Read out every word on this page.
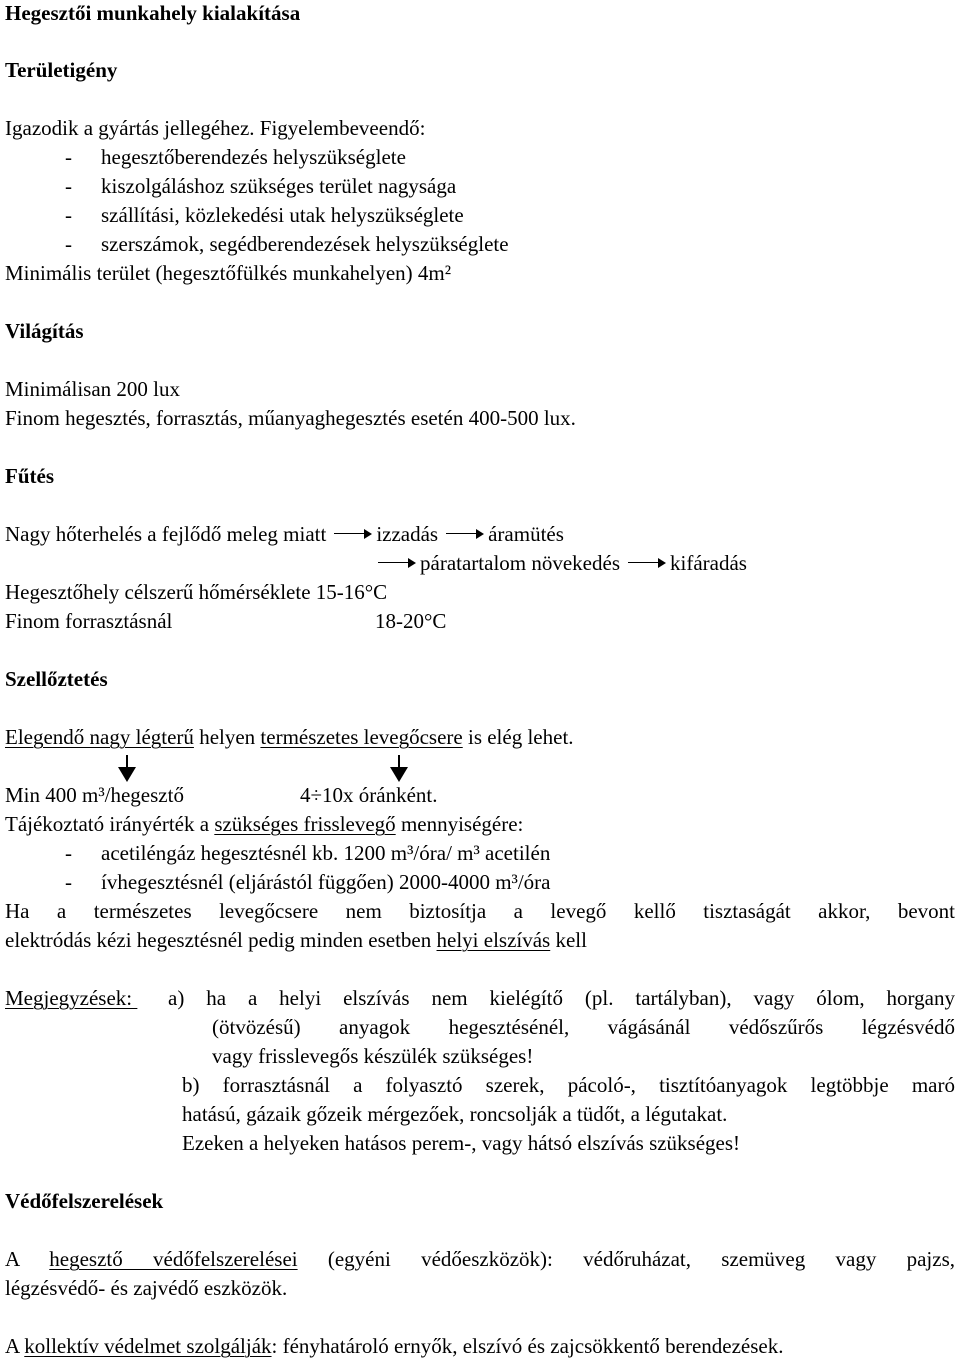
Hegesztői munkahely kialakítása
Területigény
Igazodik a gyártás jellegéhez. Figyelembeveendő:
- hegesztőberendezés helyszükséglete
- kiszolgáláshoz szükséges terület nagysága
- szállítási, közlekedési utak helyszükséglete
- szerszámok, segédberendezések helyszükséglete
Minimális terület (hegesztőfülkés munkahelyen) 4m²
Világítás
Minimálisan 200 lux
Finom hegesztés, forrasztás, műanyaghegesztés esetén 400-500 lux.
Fűtés
Nagy hőterhelés a fejlődő meleg miatt izzadás áramütés
páratartalom növekedés kifáradás
Hegesztőhely célszerű hőmérséklete 15-16°C
Finom forrasztásnál	18-20°C
Szellőztetés
Elegendő nagy légterű helyen természetes levegőcsere is elég lehet.
Min 400 m³/hegesztő	4÷10x óránként.
Tájékoztató irányérték a szükséges frisslevegő mennyiségére:
- acetiléngáz hegesztésnél kb. 1200 m³/óra/ m³ acetilén
- ívhegesztésnél (eljárástól függően) 2000-4000 m³/óra
Ha a természetes levegőcsere nem biztosítja a levegő kellő tisztaságát akkor, bevont
elektródás kézi hegesztésnél pedig minden esetben helyi elszívás kell
Megjegyzések: a) ha a helyi elszívás nem kielégítő (pl. tartályban), vagy ólom, horgany
(ötvözésű) anyagok hegesztésénél, vágásánál védőszűrős légzésvédő
vagy frisslevegős készülék szükséges!
b) forrasztásnál a folyasztó szerek, pácoló-, tisztítóanyagok legtöbbje maró
hatású, gázaik gőzeik mérgezőek, roncsolják a tüdőt, a légutakat.
Ezeken a helyeken hatásos perem-, vagy hátsó elszívás szükséges!
Védőfelszerelések
A hegesztő védőfelszerelései (egyéni védőeszközök): védőruházat, szemüveg vagy pajzs,
légzésvédő- és zajvédő eszközök.
A kollektív védelmet szolgálják: fényhatároló ernyők, elszívó és zajcsökkentő berendezések.
